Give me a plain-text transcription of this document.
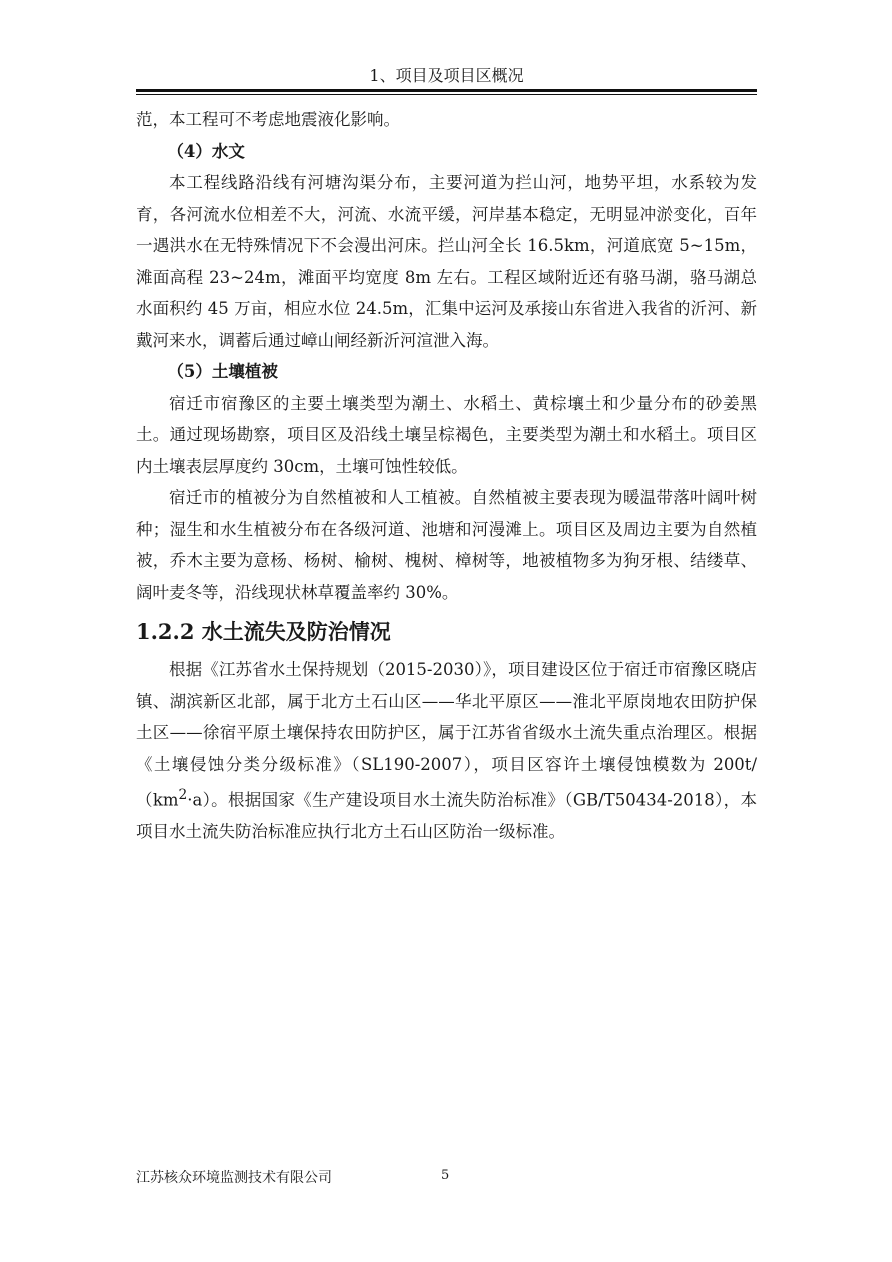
1、项目及项目区概况

范，本工程可不考虑地震液化影响。

（4）水文

本工程线路沿线有河塘沟渠分布，主要河道为拦山河，地势平坦，水系较为发育，各河流水位相差不大，河流、水流平缓，河岸基本稳定，无明显冲淤变化，百年一遇洪水在无特殊情况下不会漫出河床。拦山河全长 16.5km，河道底宽 5~15m，滩面高程 23~24m，滩面平均宽度 8m 左右。工程区域附近还有骆马湖，骆马湖总水面积约 45 万亩，相应水位 24.5m，汇集中运河及承接山东省进入我省的沂河、新戴河来水，调蓄后通过嶂山闸经新沂河渲泄入海。

（5）土壤植被

宿迁市宿豫区的主要土壤类型为潮土、水稻土、黄棕壤土和少量分布的砂姜黑土。通过现场勘察，项目区及沿线土壤呈棕褐色，主要类型为潮土和水稻土。项目区内土壤表层厚度约 30cm，土壤可蚀性较低。

宿迁市的植被分为自然植被和人工植被。自然植被主要表现为暖温带落叶阔叶树种；湿生和水生植被分布在各级河道、池塘和河漫滩上。项目区及周边主要为自然植被，乔木主要为意杨、杨树、榆树、槐树、樟树等，地被植物多为狗牙根、结缕草、阔叶麦冬等，沿线现状林草覆盖率约 30%。

1.2.2 水土流失及防治情况

根据《江苏省水土保持规划（2015-2030）》，项目建设区位于宿迁市宿豫区晓店镇、湖滨新区北部，属于北方土石山区——华北平原区——淮北平原岗地农田防护保土区——徐宿平原土壤保持农田防护区，属于江苏省省级水土流失重点治理区。根据《土壤侵蚀分类分级标准》（SL190-2007），项目区容许土壤侵蚀模数为 $200t/(km^2\cdot a)$。根据国家《生产建设项目水土流失防治标准》（GB/T50434-2018），本项目水土流失防治标准应执行北方土石山区防治一级标准。

江苏核众环境监测技术有限公司	5
